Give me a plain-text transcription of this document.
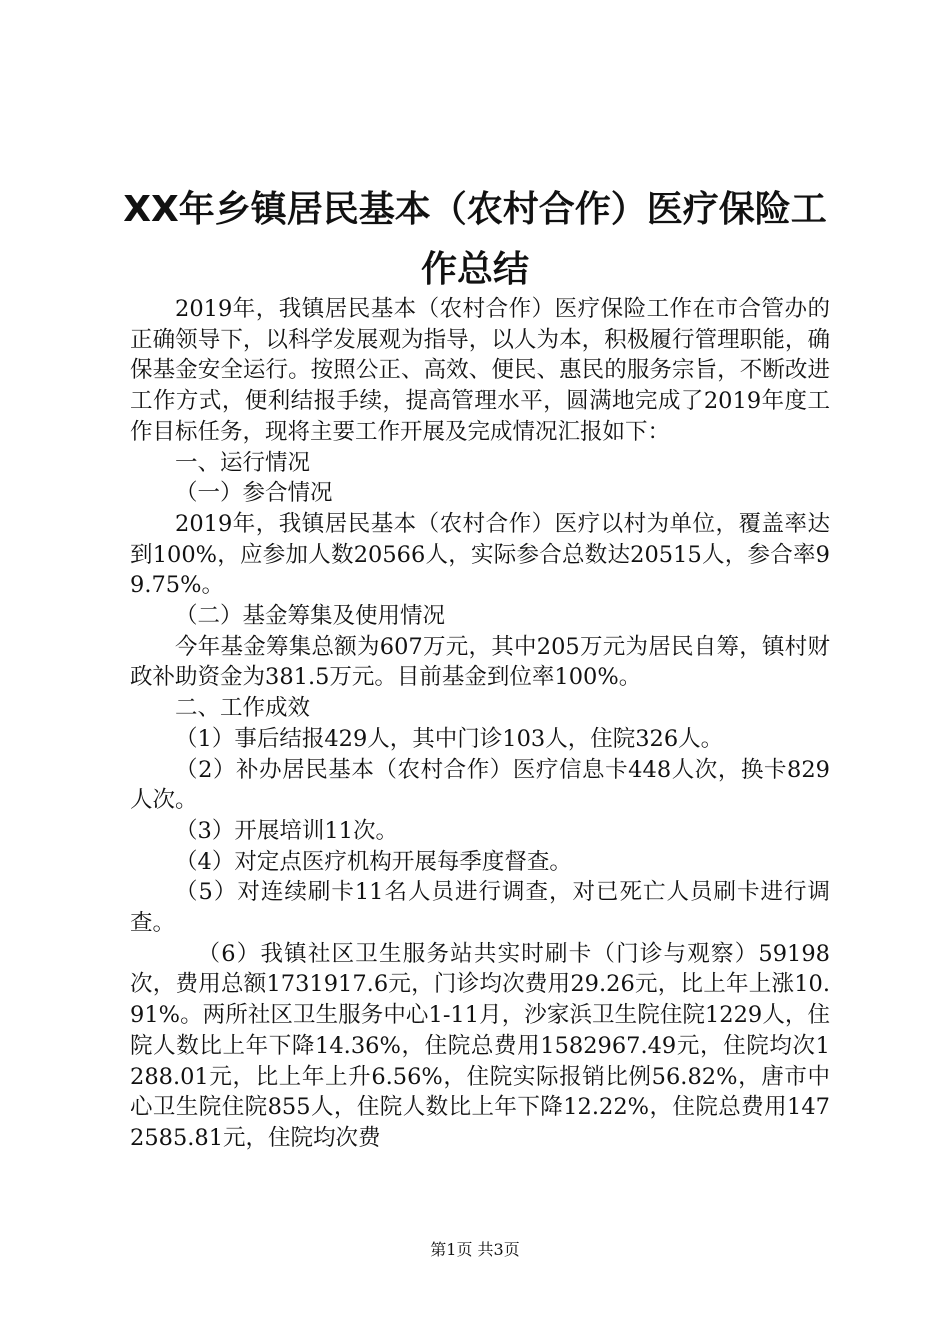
XX年乡镇居民基本（农村合作）医疗保险工
作总结

2019年，我镇居民基本（农村合作）医疗保险工作在市合管办的正确领导下，以科学发展观为指导，以人为本，积极履行管理职能，确保基金安全运行。按照公正、高效、便民、惠民的服务宗旨，不断改进工作方式，便利结报手续，提高管理水平，圆满地完成了2019年度工作目标任务，现将主要工作开展及完成情况汇报如下：

一、运行情况

（一）参合情况

2019年，我镇居民基本（农村合作）医疗以村为单位，覆盖率达到100%，应参加人数20566人，实际参合总数达20515人，参合率99.75%。

（二）基金筹集及使用情况

今年基金筹集总额为607万元，其中205万元为居民自筹，镇村财政补助资金为381.5万元。目前基金到位率100%。

二、工作成效

（1）事后结报429人，其中门诊103人，住院326人。

（2）补办居民基本（农村合作）医疗信息卡448人次，换卡829人次。

（3）开展培训11次。

（4）对定点医疗机构开展每季度督查。

（5）对连续刷卡11名人员进行调查，对已死亡人员刷卡进行调查。

（6）我镇社区卫生服务站共实时刷卡（门诊与观察）59198次，费用总额1731917.6元，门诊均次费用29.26元，比上年上涨10.91%。两所社区卫生服务中心1-11月，沙家浜卫生院住院1229人，住院人数比上年下降14.36%，住院总费用1582967.49元，住院均次1288.01元，比上年上升6.56%，住院实际报销比例56.82%，唐市中心卫生院住院855人，住院人数比上年下降12.22%，住院总费用1472585.81元，住院均次费

第1页 共3页
